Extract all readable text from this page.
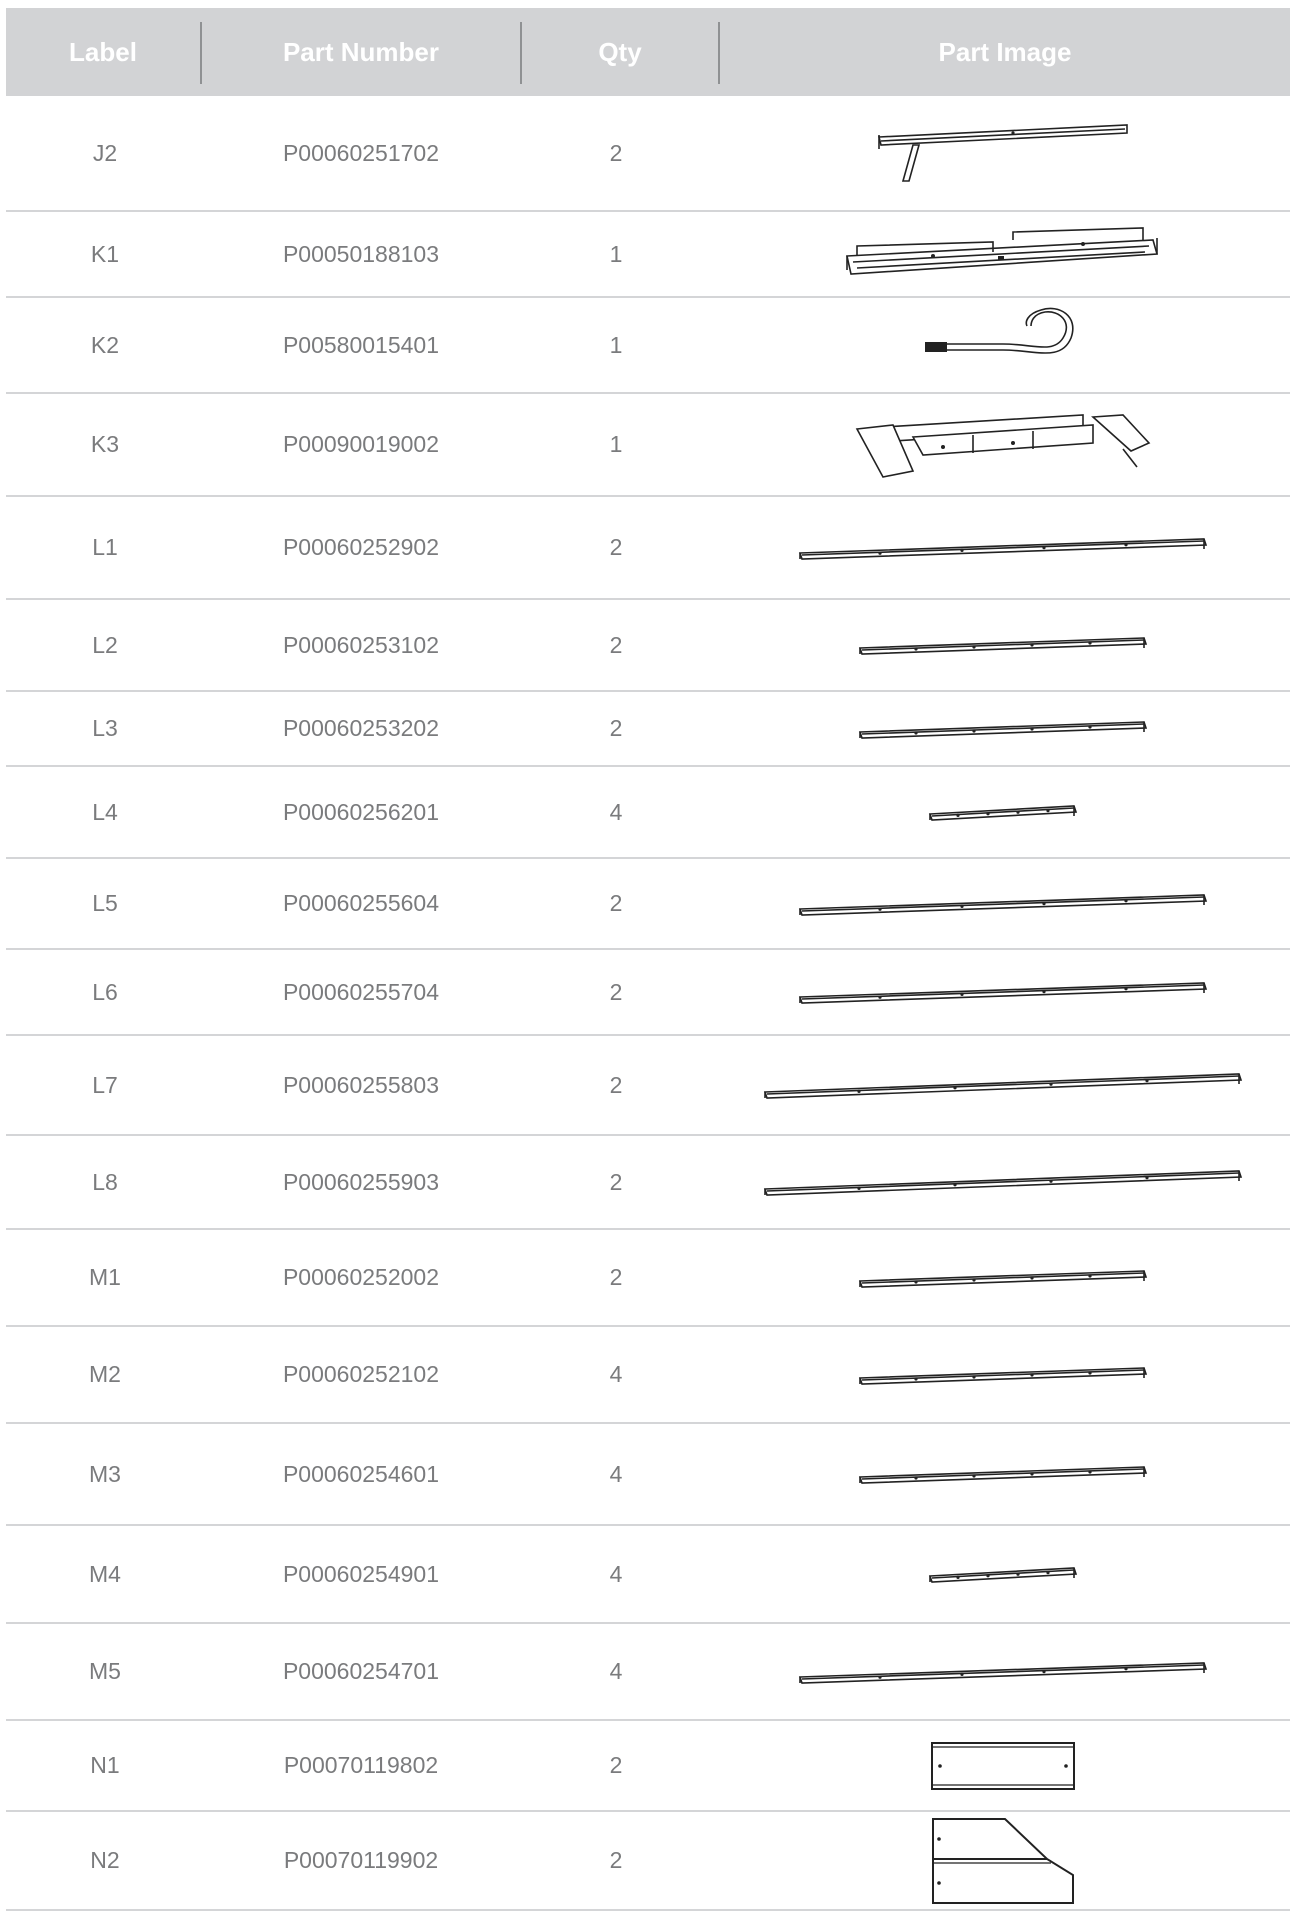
Label	Part Number	Qty	Part Image
J2	P00060251702	2
K1	P00050188103	1
K2	P00580015401	1
K3	P00090019002	1
L1	P00060252902	2
L2	P00060253102	2
L3	P00060253202	2
L4	P00060256201	4
L5	P00060255604	2
L6	P00060255704	2
L7	P00060255803	2
L8	P00060255903	2
M1	P00060252002	2
M2	P00060252102	4
M3	P00060254601	4
M4	P00060254901	4
M5	P00060254701	4
N1	P00070119802	2
N2	P00070119902	2
